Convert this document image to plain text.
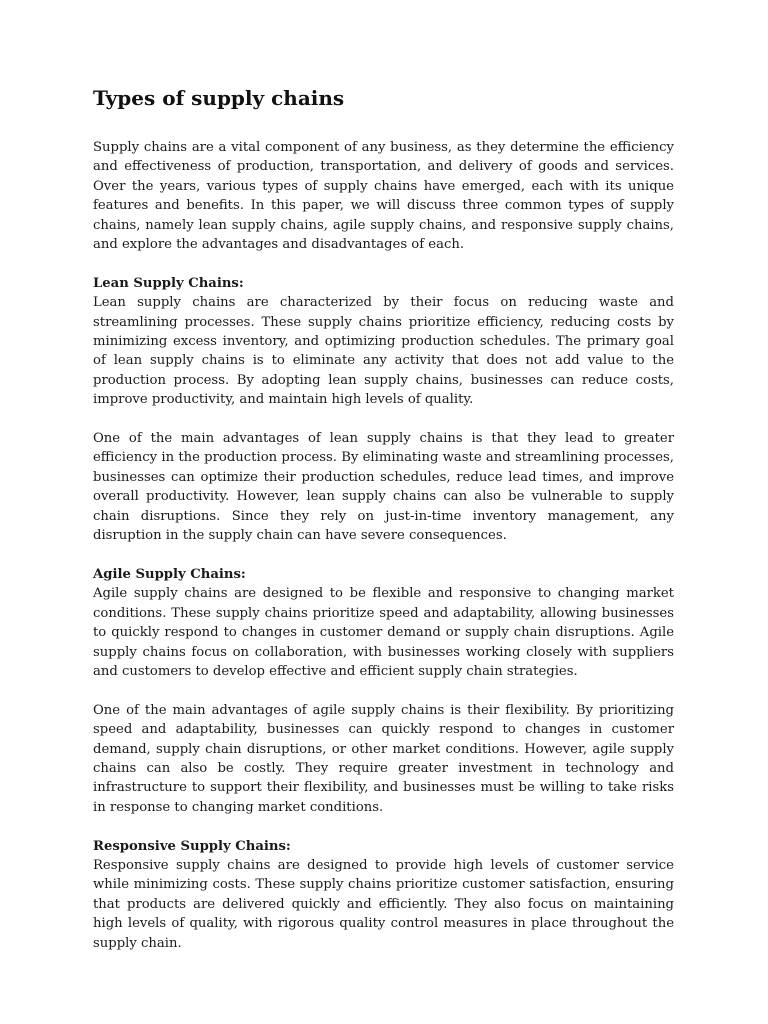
Types of supply chains

Supply chains are a vital component of any business, as they determine the efficiency and effectiveness of production, transportation, and delivery of goods and services. Over the years, various types of supply chains have emerged, each with its unique features and benefits. In this paper, we will discuss three common types of supply chains, namely lean supply chains, agile supply chains, and responsive supply chains, and explore the advantages and disadvantages of each.

Lean Supply Chains:
Lean supply chains are characterized by their focus on reducing waste and streamlining processes. These supply chains prioritize efficiency, reducing costs by minimizing excess inventory, and optimizing production schedules. The primary goal of lean supply chains is to eliminate any activity that does not add value to the production process. By adopting lean supply chains, businesses can reduce costs, improve productivity, and maintain high levels of quality.

One of the main advantages of lean supply chains is that they lead to greater efficiency in the production process. By eliminating waste and streamlining processes, businesses can optimize their production schedules, reduce lead times, and improve overall productivity. However, lean supply chains can also be vulnerable to supply chain disruptions. Since they rely on just-in-time inventory management, any disruption in the supply chain can have severe consequences.

Agile Supply Chains:
Agile supply chains are designed to be flexible and responsive to changing market conditions. These supply chains prioritize speed and adaptability, allowing businesses to quickly respond to changes in customer demand or supply chain disruptions. Agile supply chains focus on collaboration, with businesses working closely with suppliers and customers to develop effective and efficient supply chain strategies.

One of the main advantages of agile supply chains is their flexibility. By prioritizing speed and adaptability, businesses can quickly respond to changes in customer demand, supply chain disruptions, or other market conditions. However, agile supply chains can also be costly. They require greater investment in technology and infrastructure to support their flexibility, and businesses must be willing to take risks in response to changing market conditions.

Responsive Supply Chains:
Responsive supply chains are designed to provide high levels of customer service while minimizing costs. These supply chains prioritize customer satisfaction, ensuring that products are delivered quickly and efficiently. They also focus on maintaining high levels of quality, with rigorous quality control measures in place throughout the supply chain.
